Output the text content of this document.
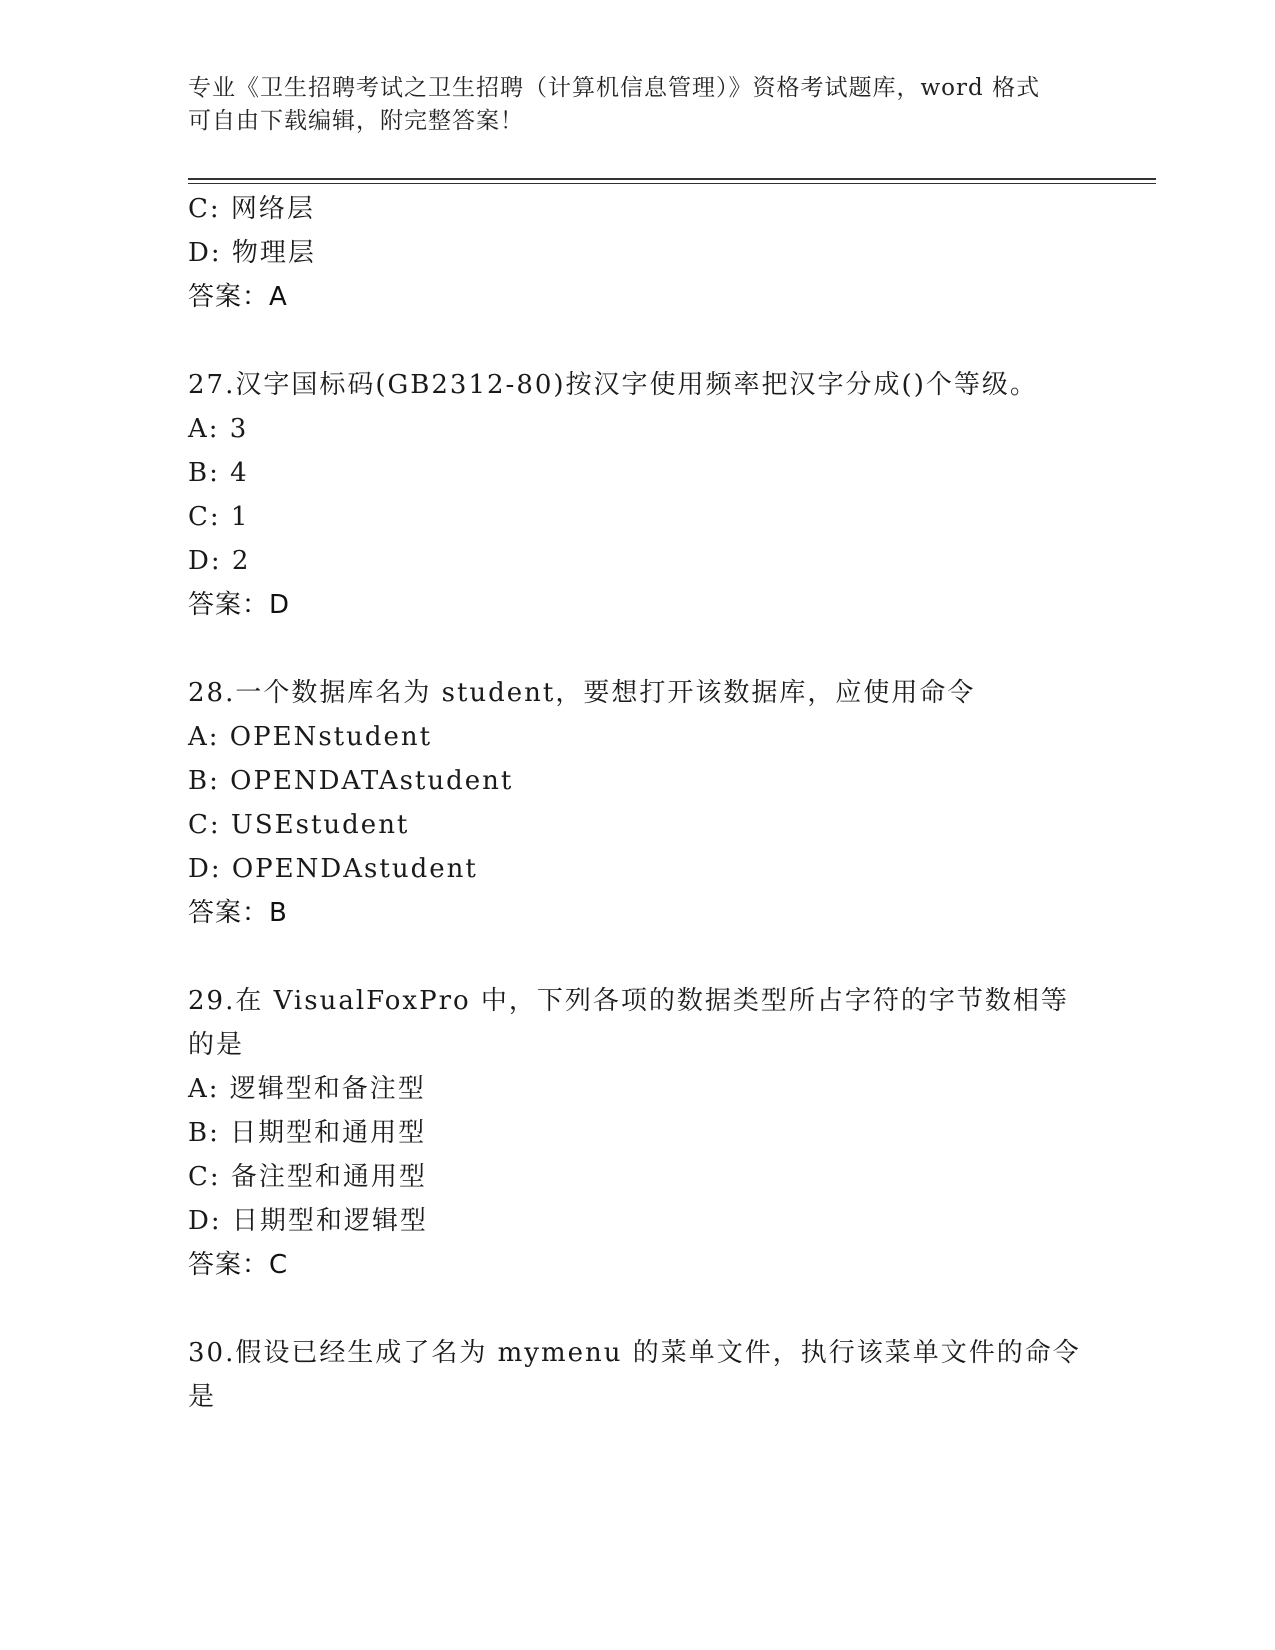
专业《卫生招聘考试之卫生招聘（计算机信息管理）》资格考试题库，word 格式
可自由下载编辑，附完整答案！
C: 网络层
D: 物理层
答案：A
27.汉字国标码(GB2312-80)按汉字使用频率把汉字分成()个等级。
A: 3
B: 4
C: 1
D: 2
答案：D
28.一个数据库名为 student，要想打开该数据库，应使用命令
A: OPENstudent
B: OPENDATAstudent
C: USEstudent
D: OPENDAstudent
答案：B
29.在 VisualFoxPro 中，下列各项的数据类型所占字符的字节数相等
的是
A: 逻辑型和备注型
B: 日期型和通用型
C: 备注型和通用型
D: 日期型和逻辑型
答案：C
30.假设已经生成了名为 mymenu 的菜单文件，执行该菜单文件的命令
是
